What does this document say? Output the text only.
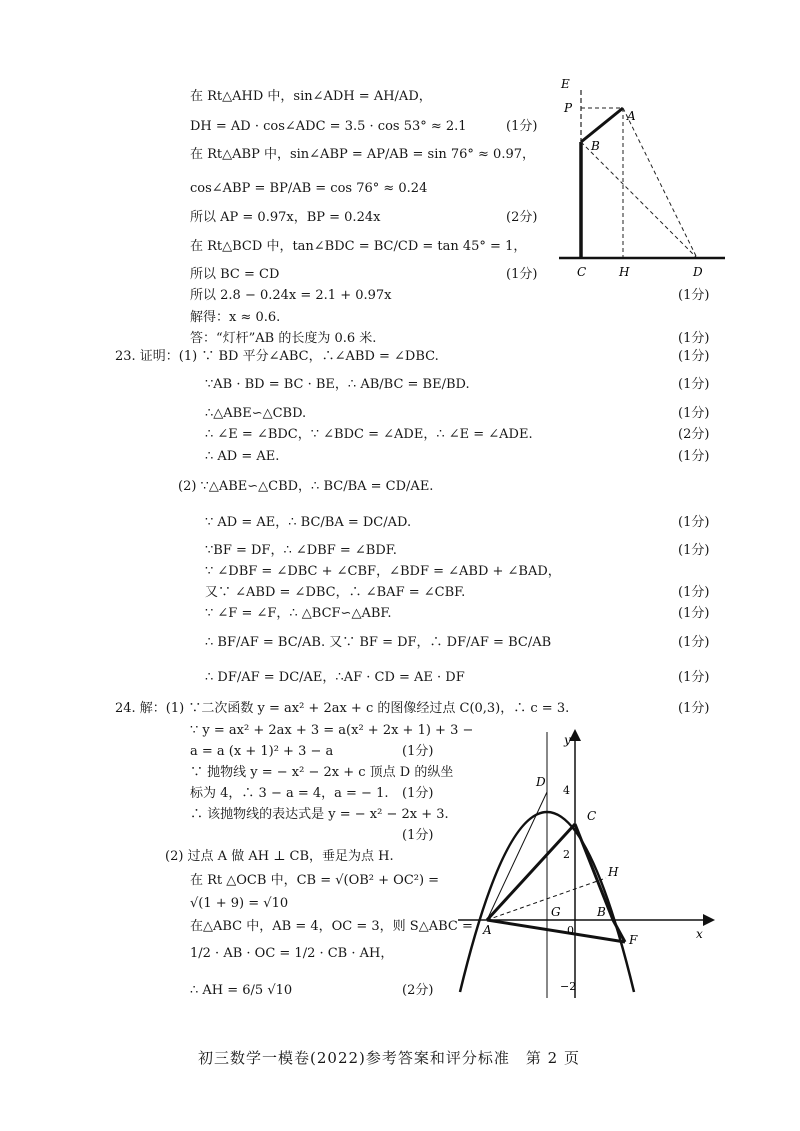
在 Rt△AHD 中，sin∠ADH = AH/AD，
DH = AD · cos∠ADC = 3.5 · cos 53° ≈ 2.1	(1分)
在 Rt△ABP 中，sin∠ABP = AP/AB = sin 76° ≈ 0.97，
cos∠ABP = BP/AB = cos 76° ≈ 0.24
所以 AP = 0.97x，BP = 0.24x	(2分)
在 Rt△BCD 中，tan∠BDC = BC/CD = tan 45° = 1，
所以 BC = CD	(1分)
所以 2.8 − 0.24x = 2.1 + 0.97x	(1分)
解得：x ≈ 0.6.
答：“灯杆”AB 的长度为 0.6 米.	(1分)
E
P
A
B
C	H	D
23. 证明：(1) ∵ BD 平分∠ABC，∴∠ABD = ∠DBC.	(1分)
∵AB · BD = BC · BE，∴ AB/BC = BE/BD.	(1分)
∴△ABE∽△CBD.	(1分)
∴ ∠E = ∠BDC，∵ ∠BDC = ∠ADE，∴ ∠E = ∠ADE.	(2分)
∴ AD = AE.	(1分)
(2) ∵△ABE∽△CBD，∴ BC/BA = CD/AE.
∵ AD = AE，∴ BC/BA = DC/AD.	(1分)
∵BF = DF，∴ ∠DBF = ∠BDF.	(1分)
∵ ∠DBF = ∠DBC + ∠CBF，∠BDF = ∠ABD + ∠BAD，
又∵ ∠ABD = ∠DBC，∴ ∠BAF = ∠CBF.	(1分)
∵ ∠F = ∠F，∴ △BCF∽△ABF.	(1分)
∴ BF/AF = BC/AB. 又∵ BF = DF，∴ DF/AF = BC/AB	(1分)
∴ DF/AF = DC/AE，∴AF · CD = AE · DF	(1分)
24. 解：(1) ∵二次函数 y = ax² + 2ax + c 的图像经过点 C(0,3)，∴ c = 3.	(1分)
∵ y = ax² + 2ax + 3 = a(x² + 2x + 1) + 3 −
a = a (x + 1)² + 3 − a	(1分)
∵ 抛物线 y = − x² − 2x + c 顶点 D 的纵坐
标为 4，∴ 3 − a = 4，a = − 1. (1分)
∴ 该抛物线的表达式是 y = − x² − 2x + 3.
(1分)
(2) 过点 A 做 AH ⊥ CB，垂足为点 H.
在 Rt △OCB 中，CB = √(OB² + OC²) =
√(1 + 9) = √10
在△ABC 中，AB = 4，OC = 3，则 S△ABC =
1/2 · AB · OC = 1/2 · CB · AH，
∴ AH = 6/5 √10	(2分)
y
x
D
C
H
G	B
A
F
0
4
2
−2
初三数学一模卷(2022)参考答案和评分标准　第 2 页
